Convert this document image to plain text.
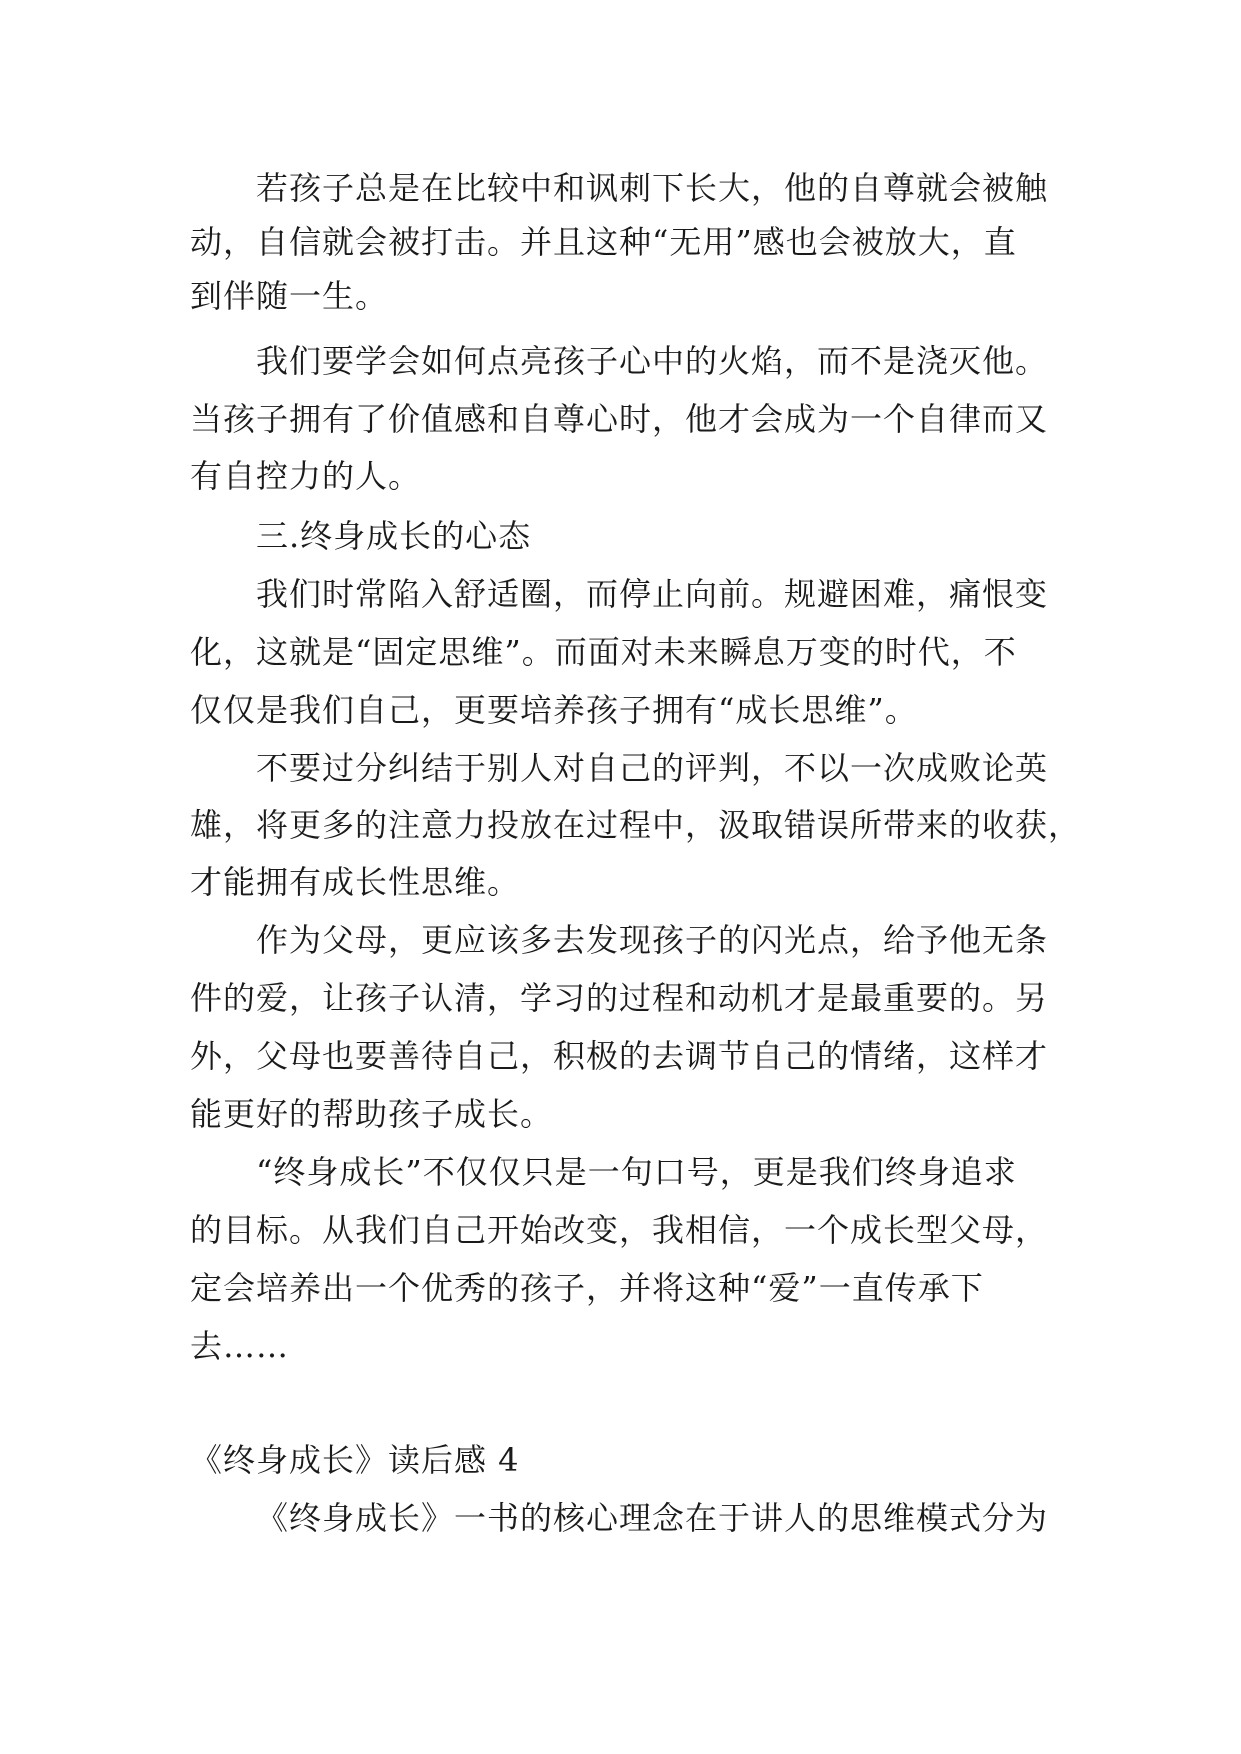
若孩子总是在比较中和讽刺下长大，他的自尊就会被触
动，自信就会被打击。并且这种“无用”感也会被放大，直
到伴随一生。
我们要学会如何点亮孩子心中的火焰，而不是浇灭他。
当孩子拥有了价值感和自尊心时，他才会成为一个自律而又
有自控力的人。
三.终身成长的心态
我们时常陷入舒适圈，而停止向前。规避困难，痛恨变
化，这就是“固定思维”。而面对未来瞬息万变的时代，不
仅仅是我们自己，更要培养孩子拥有“成长思维”。
不要过分纠结于别人对自己的评判，不以一次成败论英
雄，将更多的注意力投放在过程中，汲取错误所带来的收获，
才能拥有成长性思维。
作为父母，更应该多去发现孩子的闪光点，给予他无条
件的爱，让孩子认清，学习的过程和动机才是最重要的。另
外，父母也要善待自己，积极的去调节自己的情绪，这样才
能更好的帮助孩子成长。
“终身成长”不仅仅只是一句口号，更是我们终身追求
的目标。从我们自己开始改变，我相信，一个成长型父母，
定会培养出一个优秀的孩子，并将这种“爱”一直传承下
去……
《终身成长》读后感 4
《终身成长》一书的核心理念在于讲人的思维模式分为
